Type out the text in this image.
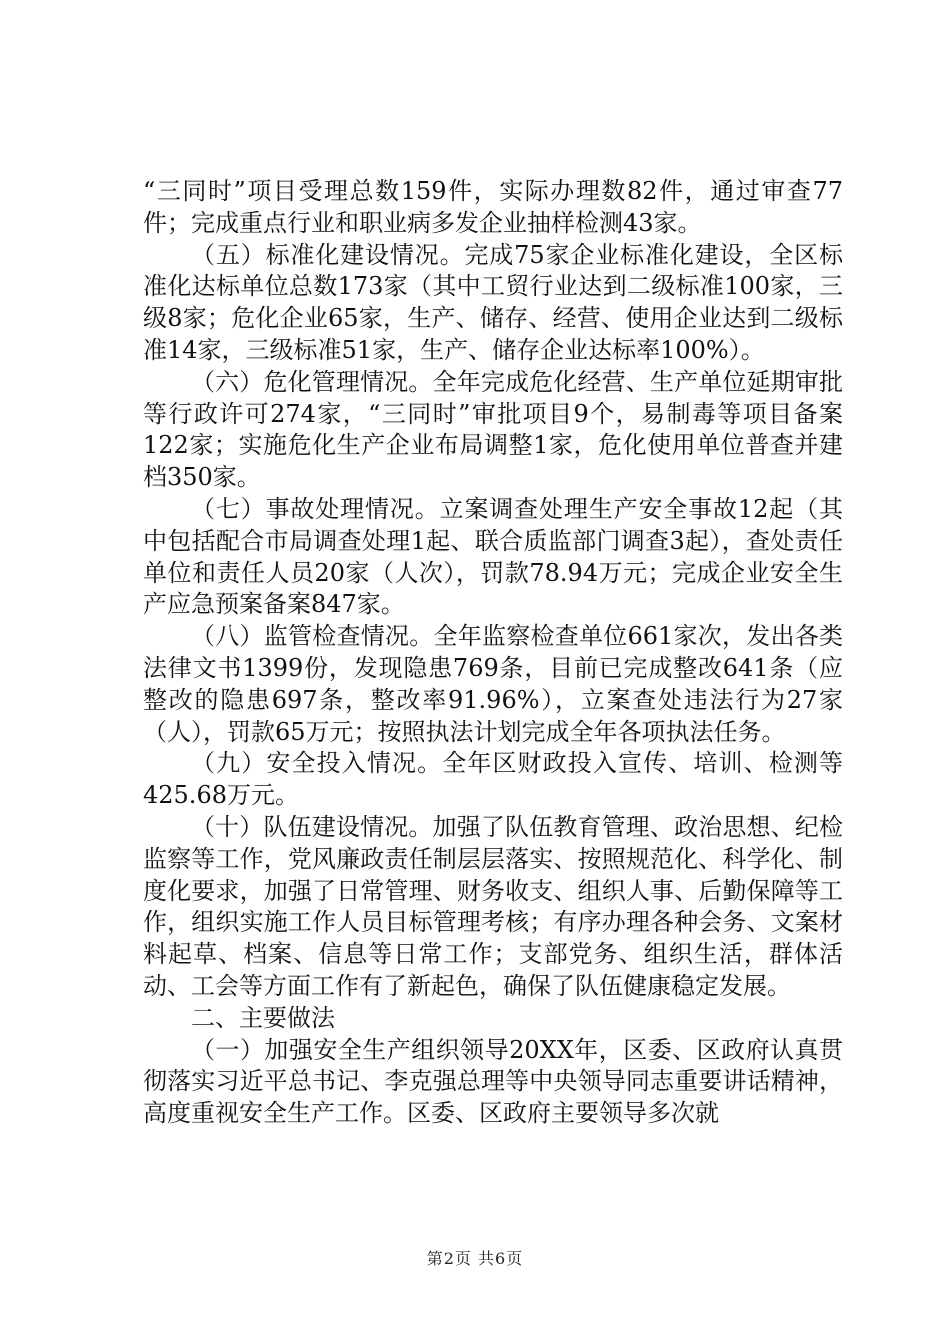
“三同时”项目受理总数159件，实际办理数82件，通过审查77件；完成重点行业和职业病多发企业抽样检测43家。

（五）标准化建设情况。完成75家企业标准化建设，全区标准化达标单位总数173家（其中工贸行业达到二级标准100家，三级8家；危化企业65家，生产、储存、经营、使用企业达到二级标准14家，三级标准51家，生产、储存企业达标率100%）。

（六）危化管理情况。全年完成危化经营、生产单位延期审批等行政许可274家，“三同时”审批项目9个，易制毒等项目备案122家；实施危化生产企业布局调整1家，危化使用单位普查并建档350家。

（七）事故处理情况。立案调查处理生产安全事故12起（其中包括配合市局调查处理1起、联合质监部门调查3起），查处责任单位和责任人员20家（人次），罚款78.94万元；完成企业安全生产应急预案备案847家。

（八）监管检查情况。全年监察检查单位661家次，发出各类法律文书1399份，发现隐患769条，目前已完成整改641条（应整改的隐患697条，整改率91.96%），立案查处违法行为27家（人），罚款65万元；按照执法计划完成全年各项执法任务。

（九）安全投入情况。全年区财政投入宣传、培训、检测等425.68万元。

（十）队伍建设情况。加强了队伍教育管理、政治思想、纪检监察等工作，党风廉政责任制层层落实、按照规范化、科学化、制度化要求，加强了日常管理、财务收支、组织人事、后勤保障等工作，组织实施工作人员目标管理考核；有序办理各种会务、文案材料起草、档案、信息等日常工作；支部党务、组织生活，群体活动、工会等方面工作有了新起色，确保了队伍健康稳定发展。

二、主要做法

（一）加强安全生产组织领导20XX年，区委、区政府认真贯彻落实习近平总书记、李克强总理等中央领导同志重要讲话精神，高度重视安全生产工作。区委、区政府主要领导多次就

第2页 共6页
